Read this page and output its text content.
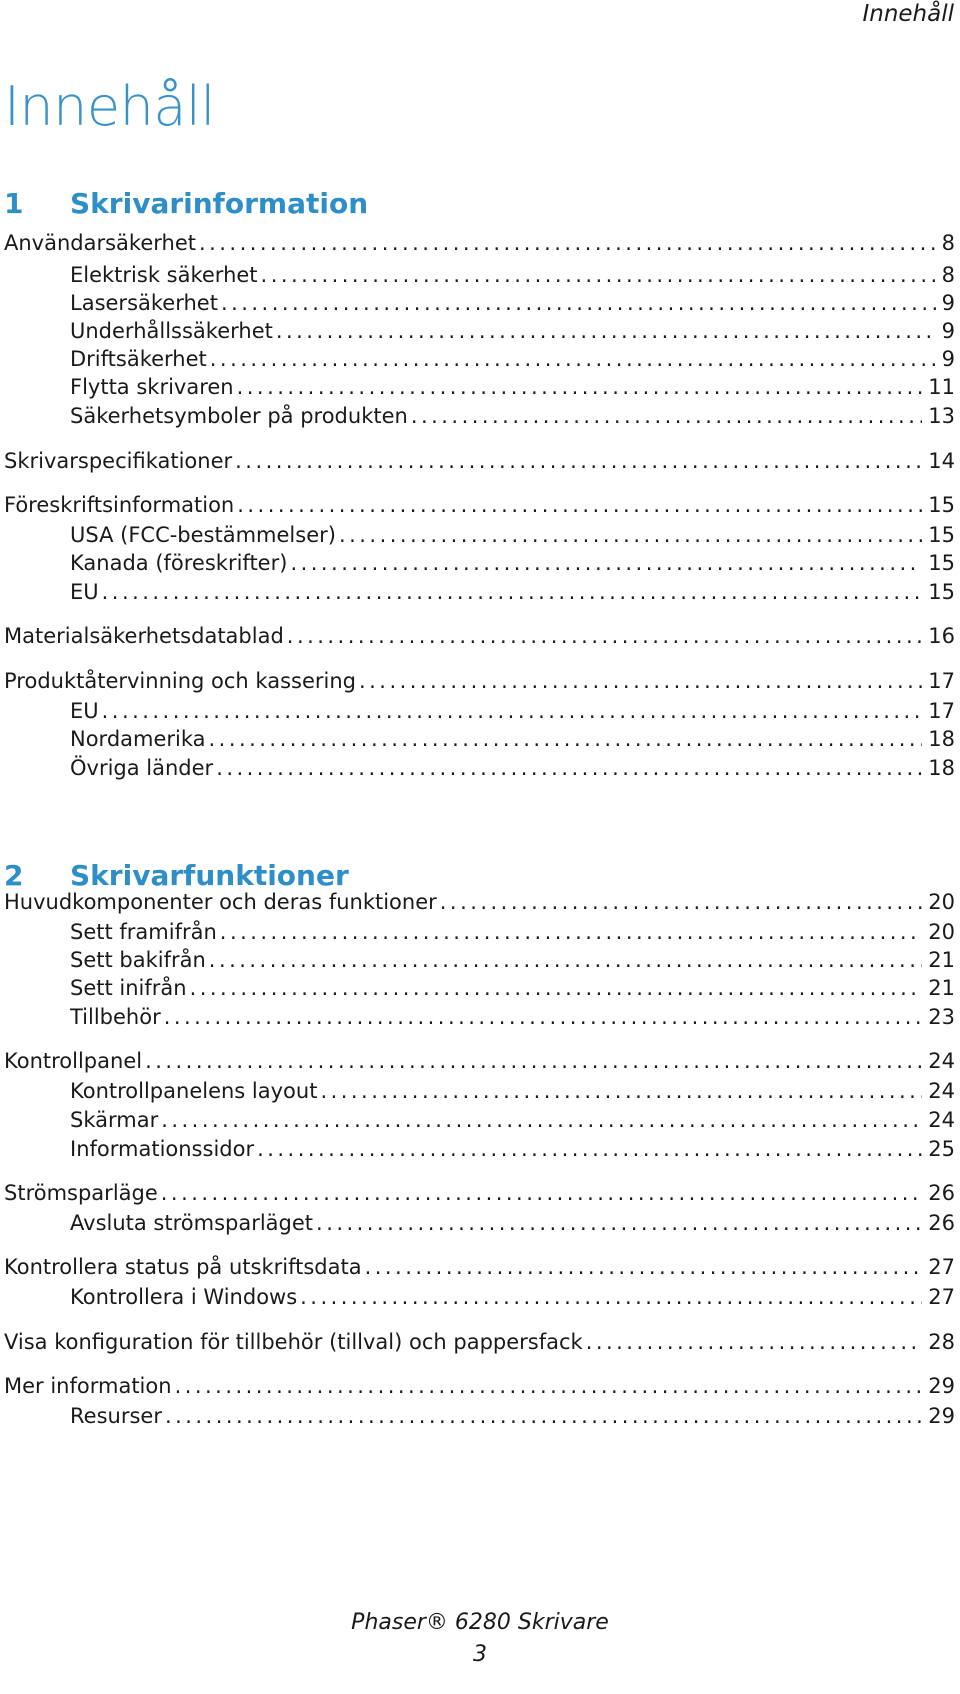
Innehåll
Innehåll
1 Skrivarinformation
Användarsäkerhet . . .	8
Elektrisk säkerhet . . .	8
Lasersäkerhet . . .	9
Underhållssäkerhet . . .	9
Driftsäkerhet . . .	9
Flytta skrivaren . . .	11
Säkerhetsymboler på produkten . . .	13
Skrivarspecifikationer . . .	14
Föreskriftsinformation . . .	15
USA (FCC-bestämmelser) . . .	15
Kanada (föreskrifter) . . .	15
EU . . .	15
Materialsäkerhetsdatablad . . .	16
Produktåtervinning och kassering . . .	17
EU . . .	17
Nordamerika . . .	18
Övriga länder . . .	18
2 Skrivarfunktioner
Huvudkomponenter och deras funktioner . . .	20
Sett framifrån . . .	20
Sett bakifrån . . .	21
Sett inifrån . . .	21
Tillbehör . . .	23
Kontrollpanel . . .	24
Kontrollpanelens layout . . .	24
Skärmar . . .	24
Informationssidor . . .	25
Strömsparläge . . .	26
Avsluta strömsparläget . . .	26
Kontrollera status på utskriftsdata . . .	27
Kontrollera i Windows . . .	27
Visa konfiguration för tillbehör (tillval) och pappersfack . . .	28
Mer information . . .	29
Resurser . . .	29
Phaser® 6280 Skrivare
3
